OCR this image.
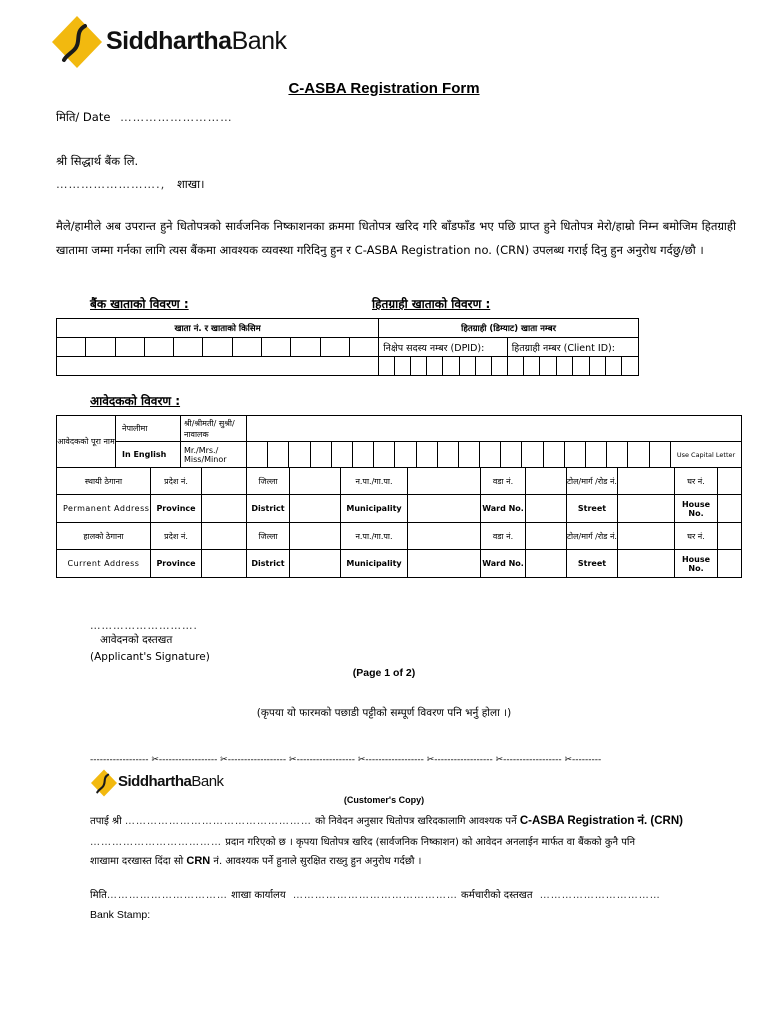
SiddharthaBank
C-ASBA Registration Form
मिति/ Date ………………………
श्री सिद्धार्थ बैंक लि.
……………………., शाखा।
मैले/हामीले अब उपरान्त हुने धितोपत्रको सार्वजनिक निष्काशनका क्रममा धितोपत्र खरिद गरि बाँडफाँड भए पछि प्राप्त हुने धितोपत्र मेरो/हाम्रो निम्न बमोजिम हितग्राही खातामा जम्मा गर्नका लागि त्यस बैंकमा आवश्यक व्यवस्था गरिदिनु हुन र C-ASBA Registration no. (CRN) उपलब्ध गराई दिनु हुन अनुरोध गर्दछु/छौ ।
बैंक खाताको विवरण :	हितग्राही खाताको विवरण :
खाता नं. र खाताको किसिम											हितग्राही (डिम्याट) खाता नम्बर															
											निक्षेप सदस्य नम्बर (DPID):								हितग्राही नम्बर (Client ID):							

आवेदकको विवरण :
आवेदकको पूरा नाम	नेपालीमा	श्री/श्रीमती/ सुश्री/नावालक																					
	In English	Mr./Mrs./ Miss/Minor																					Use Capital Letter
स्थायी ठेगाना	प्रदेश नं.		जिल्ला		न.पा./गा.पा.		वडा नं.		टोल/मार्ग /रोड नं.		घर नं.	
Permanent Address	Province		District		Municipality		Ward No.		Street		House No.	
हालको ठेगाना	प्रदेश नं.		जिल्ला		न.पा./गा.पा.		वडा नं.		टोल/मार्ग /रोड नं.		घर नं.	
Current Address	Province		District		Municipality		Ward No.		Street		House No.	
……………………….
आवेदनको दस्तखत
(Applicant's Signature)
(Page 1 of 2)
(कृपया यो फारमको पछाडी पट्टीको सम्पूर्ण विवरण पनि भर्नु होला ।)
------------------ ✂------------------ ✂------------------ ✂------------------ ✂------------------ ✂------------------ ✂------------------ ✂---------
SiddharthaBank
(Customer's Copy)
तपाई श्री …………………………………………… को निवेदन अनुसार धितोपत्र खरिदकालागि आवश्यक पर्ने C-ASBA Registration नं. (CRN)
……………………………… प्रदान गरिएको छ । कृपया धितोपत्र खरिद (सार्वजनिक निष्काशन) को आवेदन अनलाईन मार्फत वा बैंकको कुनै पनि
शाखामा दरखास्त दिंदा सो CRN नं. आवश्यक पर्ने हुनाले सुरक्षित राख्नु हुन अनुरोध गर्दछौ ।
मिति…………………………… शाखा कार्यालय ……………………………………… कर्मचारीको दस्तखत ……………………………
Bank Stamp:
